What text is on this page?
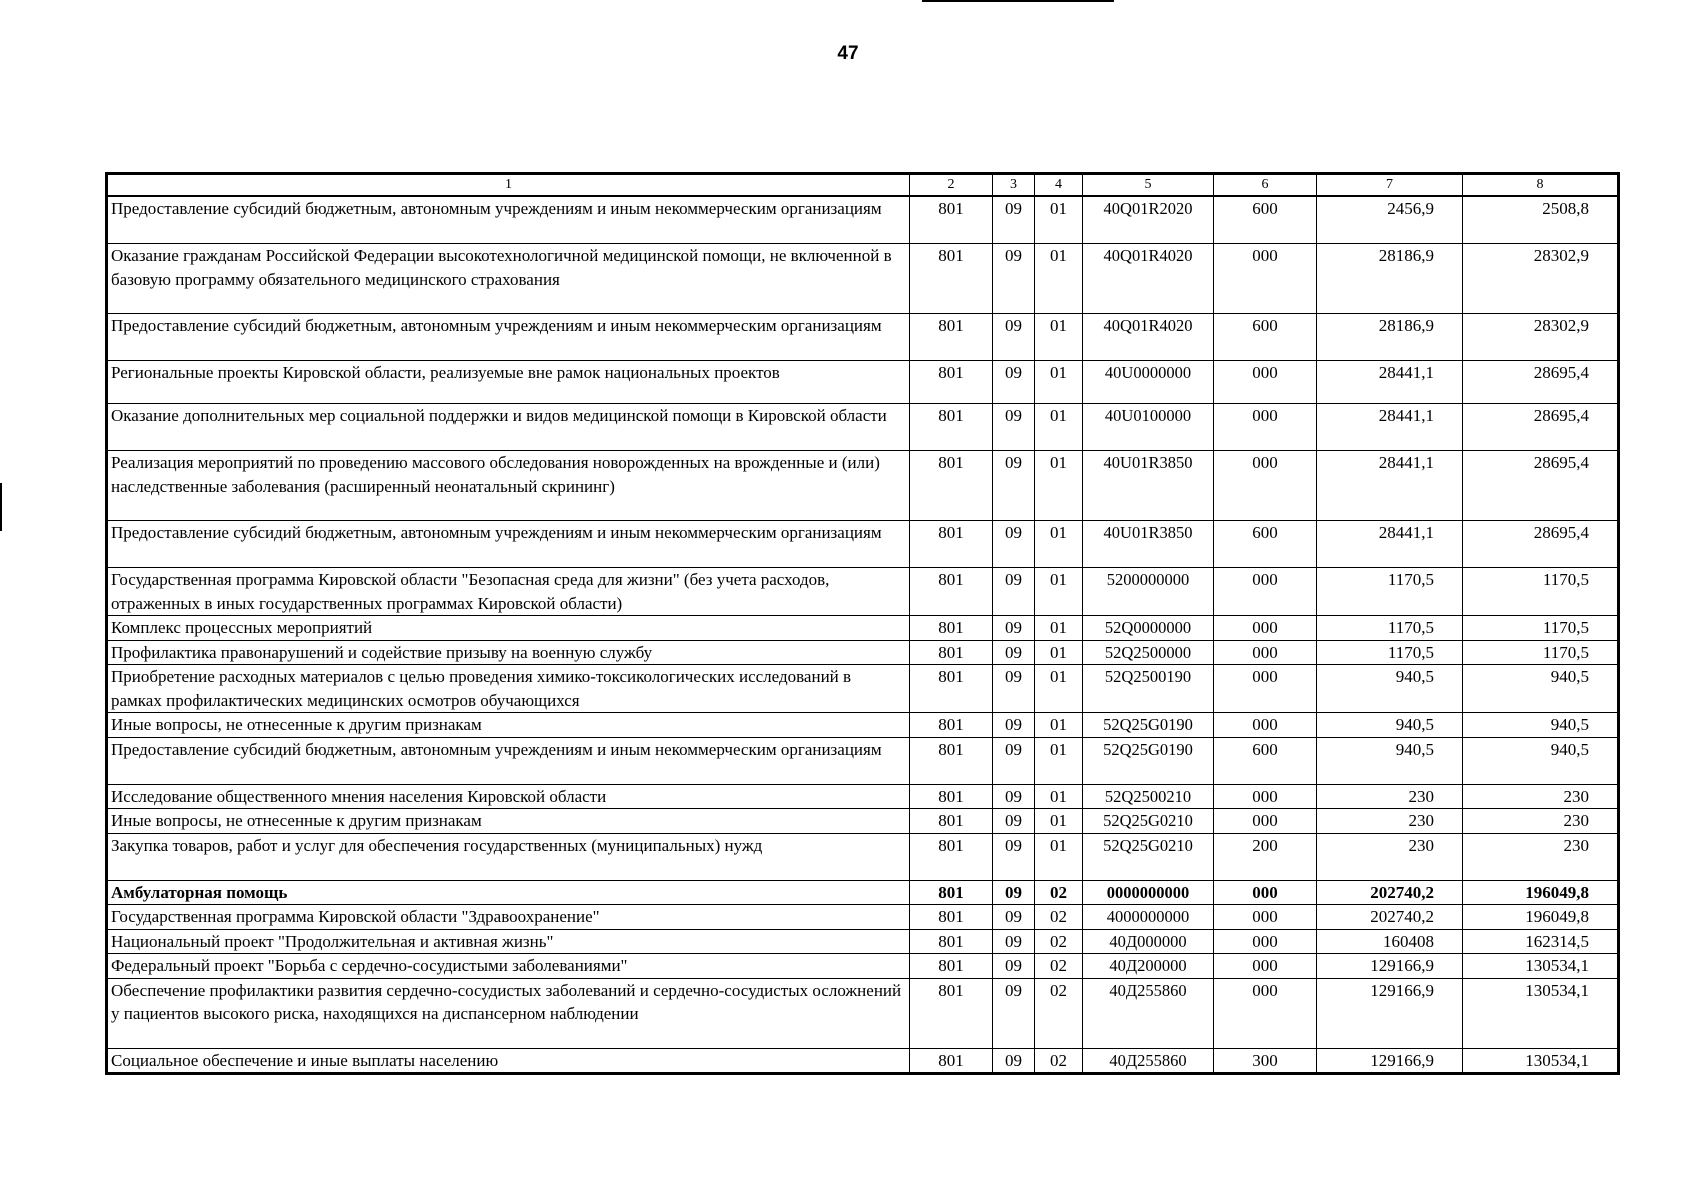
47
1	2	3	4	5	6	7	8
Предоставление субсидий бюджетным, автономным учреждениям и иным некоммерческим организациям	801	09	01	40Q01R2020	600	2456,9	2508,8
Оказание гражданам Российской Федерации высокотехнологичной медицинской помощи, не включенной в базовую программу обязательного медицинского страхования	801	09	01	40Q01R4020	000	28186,9	28302,9
Предоставление субсидий бюджетным, автономным учреждениям и иным некоммерческим организациям	801	09	01	40Q01R4020	600	28186,9	28302,9
Региональные проекты Кировской области, реализуемые вне рамок национальных проектов	801	09	01	40U0000000	000	28441,1	28695,4
Оказание дополнительных мер социальной поддержки и видов медицинской помощи в Кировской области	801	09	01	40U0100000	000	28441,1	28695,4
Реализация мероприятий по проведению массового обследования новорожденных на врожденные и (или) наследственные заболевания (расширенный неонатальный скрининг)	801	09	01	40U01R3850	000	28441,1	28695,4
Предоставление субсидий бюджетным, автономным учреждениям и иным некоммерческим организациям	801	09	01	40U01R3850	600	28441,1	28695,4
Государственная программа Кировской области "Безопасная среда для жизни" (без учета расходов, отраженных в иных государственных программах Кировской области)	801	09	01	5200000000	000	1170,5	1170,5
Комплекс процессных мероприятий	801	09	01	52Q0000000	000	1170,5	1170,5
Профилактика правонарушений и содействие призыву на военную службу	801	09	01	52Q2500000	000	1170,5	1170,5
Приобретение расходных материалов с целью проведения химико-токсикологических исследований в рамках профилактических медицинских осмотров обучающихся	801	09	01	52Q2500190	000	940,5	940,5
Иные вопросы, не отнесенные к другим признакам	801	09	01	52Q25G0190	000	940,5	940,5
Предоставление субсидий бюджетным, автономным учреждениям и иным некоммерческим организациям	801	09	01	52Q25G0190	600	940,5	940,5
Исследование общественного мнения населения Кировской области	801	09	01	52Q2500210	000	230	230
Иные вопросы, не отнесенные к другим признакам	801	09	01	52Q25G0210	000	230	230
Закупка товаров, работ и услуг для обеспечения государственных (муниципальных) нужд	801	09	01	52Q25G0210	200	230	230
Амбулаторная помощь	801	09	02	0000000000	000	202740,2	196049,8
Государственная программа Кировской области "Здравоохранение"	801	09	02	4000000000	000	202740,2	196049,8
Национальный проект "Продолжительная и активная жизнь"	801	09	02	40Д000000	000	160408	162314,5
Федеральный проект "Борьба с сердечно-сосудистыми заболеваниями"	801	09	02	40Д200000	000	129166,9	130534,1
Обеспечение профилактики развития сердечно-сосудистых заболеваний и сердечно-сосудистых осложнений у пациентов высокого риска, находящихся на диспансерном наблюдении	801	09	02	40Д255860	000	129166,9	130534,1
Социальное обеспечение и иные выплаты населению	801	09	02	40Д255860	300	129166,9	130534,1
